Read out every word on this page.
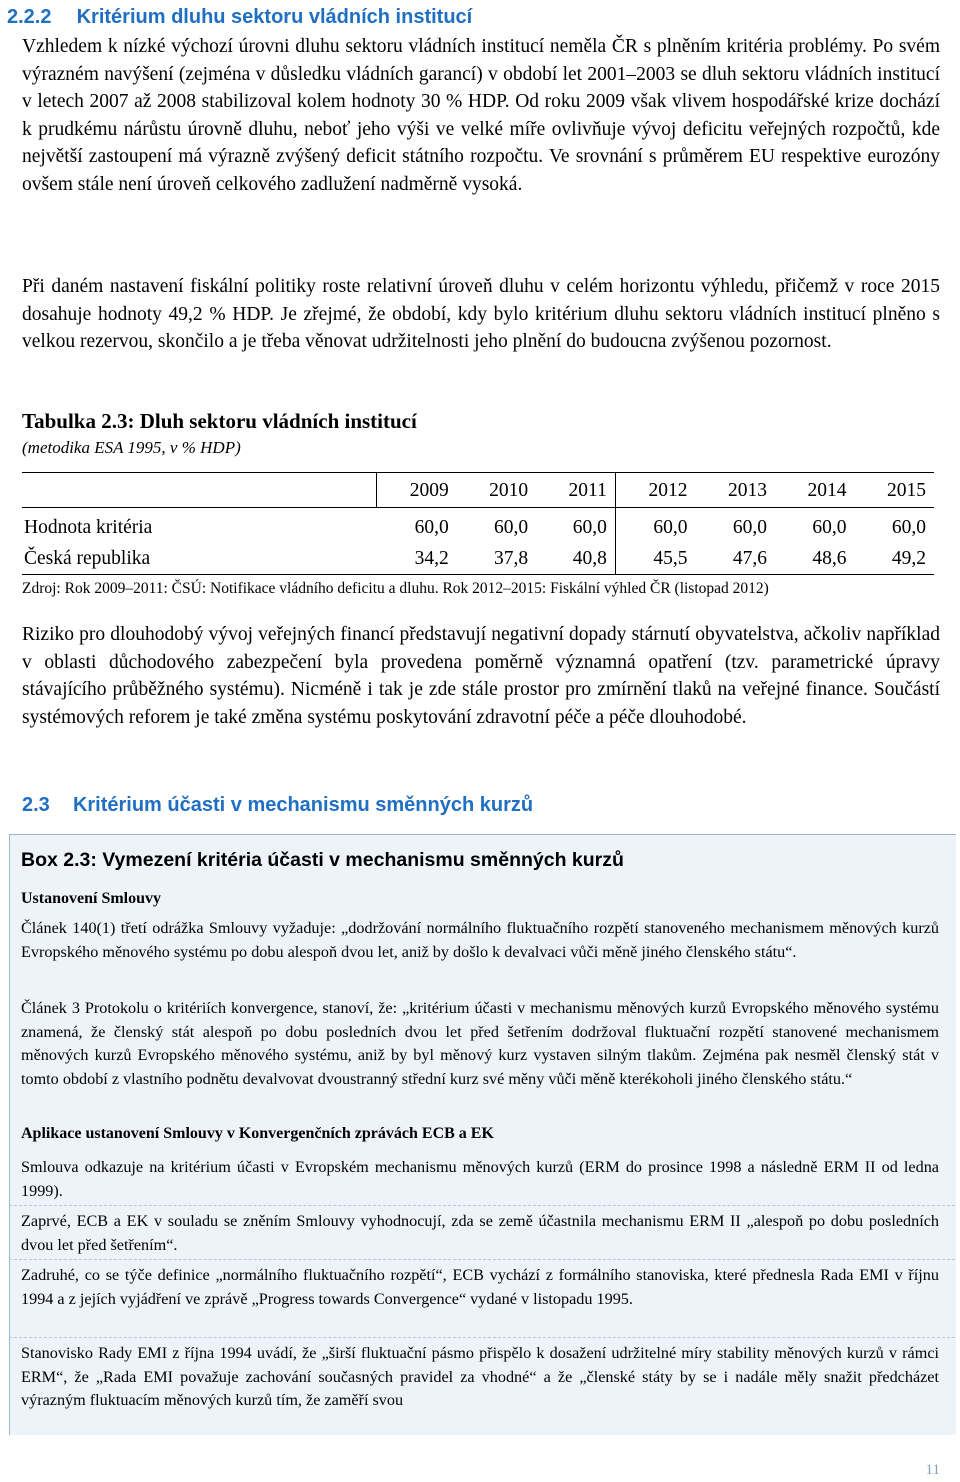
2.2.2 Kritérium dluhu sektoru vládních institucí

Vzhledem k nízké výchozí úrovni dluhu sektoru vládních institucí neměla ČR s plněním kritéria problémy. Po svém výrazném navýšení (zejména v důsledku vládních garancí) v období let 2001–2003 se dluh sektoru vládních institucí v letech 2007 až 2008 stabilizoval kolem hodnoty 30 % HDP. Od roku 2009 však vlivem hospodářské krize dochází k prudkému nárůstu úrovně dluhu, neboť jeho výši ve velké míře ovlivňuje vývoj deficitu veřejných rozpočtů, kde největší zastoupení má výrazně zvýšený deficit státního rozpočtu. Ve srovnání s průměrem EU respektive eurozóny ovšem stále není úroveň celkového zadlužení nadměrně vysoká.

Při daném nastavení fiskální politiky roste relativní úroveň dluhu v celém horizontu výhledu, přičemž v roce 2015 dosahuje hodnoty 49,2 % HDP. Je zřejmé, že období, kdy bylo kritérium dluhu sektoru vládních institucí plněno s velkou rezervou, skončilo a je třeba věnovat udržitelnosti jeho plnění do budoucna zvýšenou pozornost.

Tabulka 2.3: Dluh sektoru vládních institucí
(metodika ESA 1995, v % HDP)
	2009	2010	2011	2012	2013	2014	2015
Hodnota kritéria	60,0	60,0	60,0	60,0	60,0	60,0	60,0
Česká republika	34,2	37,8	40,8	45,5	47,6	48,6	49,2
Zdroj: Rok 2009–2011: ČSÚ: Notifikace vládního deficitu a dluhu. Rok 2012–2015: Fiskální výhled ČR (listopad 2012)

Riziko pro dlouhodobý vývoj veřejných financí představují negativní dopady stárnutí obyvatelstva, ačkoliv například v oblasti důchodového zabezpečení byla provedena poměrně významná opatření (tzv. parametrické úpravy stávajícího průběžného systému). Nicméně i tak je zde stále prostor pro zmírnění tlaků na veřejné finance. Součástí systémových reforem je také změna systému poskytování zdravotní péče a péče dlouhodobé.

2.3 Kritérium účasti v mechanismu směnných kurzů
Box 2.3: Vymezení kritéria účasti v mechanismu směnných kurzů
Ustanovení Smlouvy

Článek 140(1) třetí odrážka Smlouvy vyžaduje: „dodržování normálního fluktuačního rozpětí stanoveného mechanismem měnových kurzů Evropského měnového systému po dobu alespoň dvou let, aniž by došlo k devalvaci vůči měně jiného členského státu“.

Článek 3 Protokolu o kritériích konvergence, stanoví, že: „kritérium účasti v mechanismu měnových kurzů Evropského měnového systému znamená, že členský stát alespoň po dobu posledních dvou let před šetřením dodržoval fluktuační rozpětí stanovené mechanismem měnových kurzů Evropského měnového systému, aniž by byl měnový kurz vystaven silným tlakům. Zejména pak nesměl členský stát v tomto období z vlastního podnětu devalvovat dvoustranný střední kurz své měny vůči měně kterékoholi jiného členského státu.“

Aplikace ustanovení Smlouvy v Konvergenčních zprávách ECB a EK

Smlouva odkazuje na kritérium účasti v Evropském mechanismu měnových kurzů (ERM do prosince 1998 a následně ERM II od ledna 1999).

Zaprvé, ECB a EK v souladu se zněním Smlouvy vyhodnocují, zda se země účastnila mechanismu ERM II „alespoň po dobu posledních dvou let před šetřením“.

Zadruhé, co se týče definice „normálního fluktuačního rozpětí“, ECB vychází z formálního stanoviska, které přednesla Rada EMI v říjnu 1994 a z jejích vyjádření ve zprávě „Progress towards Convergence“ vydané v listopadu 1995.

Stanovisko Rady EMI z října 1994 uvádí, že „širší fluktuační pásmo přispělo k dosažení udržitelné míry stability měnových kurzů v rámci ERM“, že „Rada EMI považuje zachování současných pravidel za vhodné“ a že „členské státy by se i nadále měly snažit předcházet výrazným fluktuacím měnových kurzů tím, že zaměří svou

11
